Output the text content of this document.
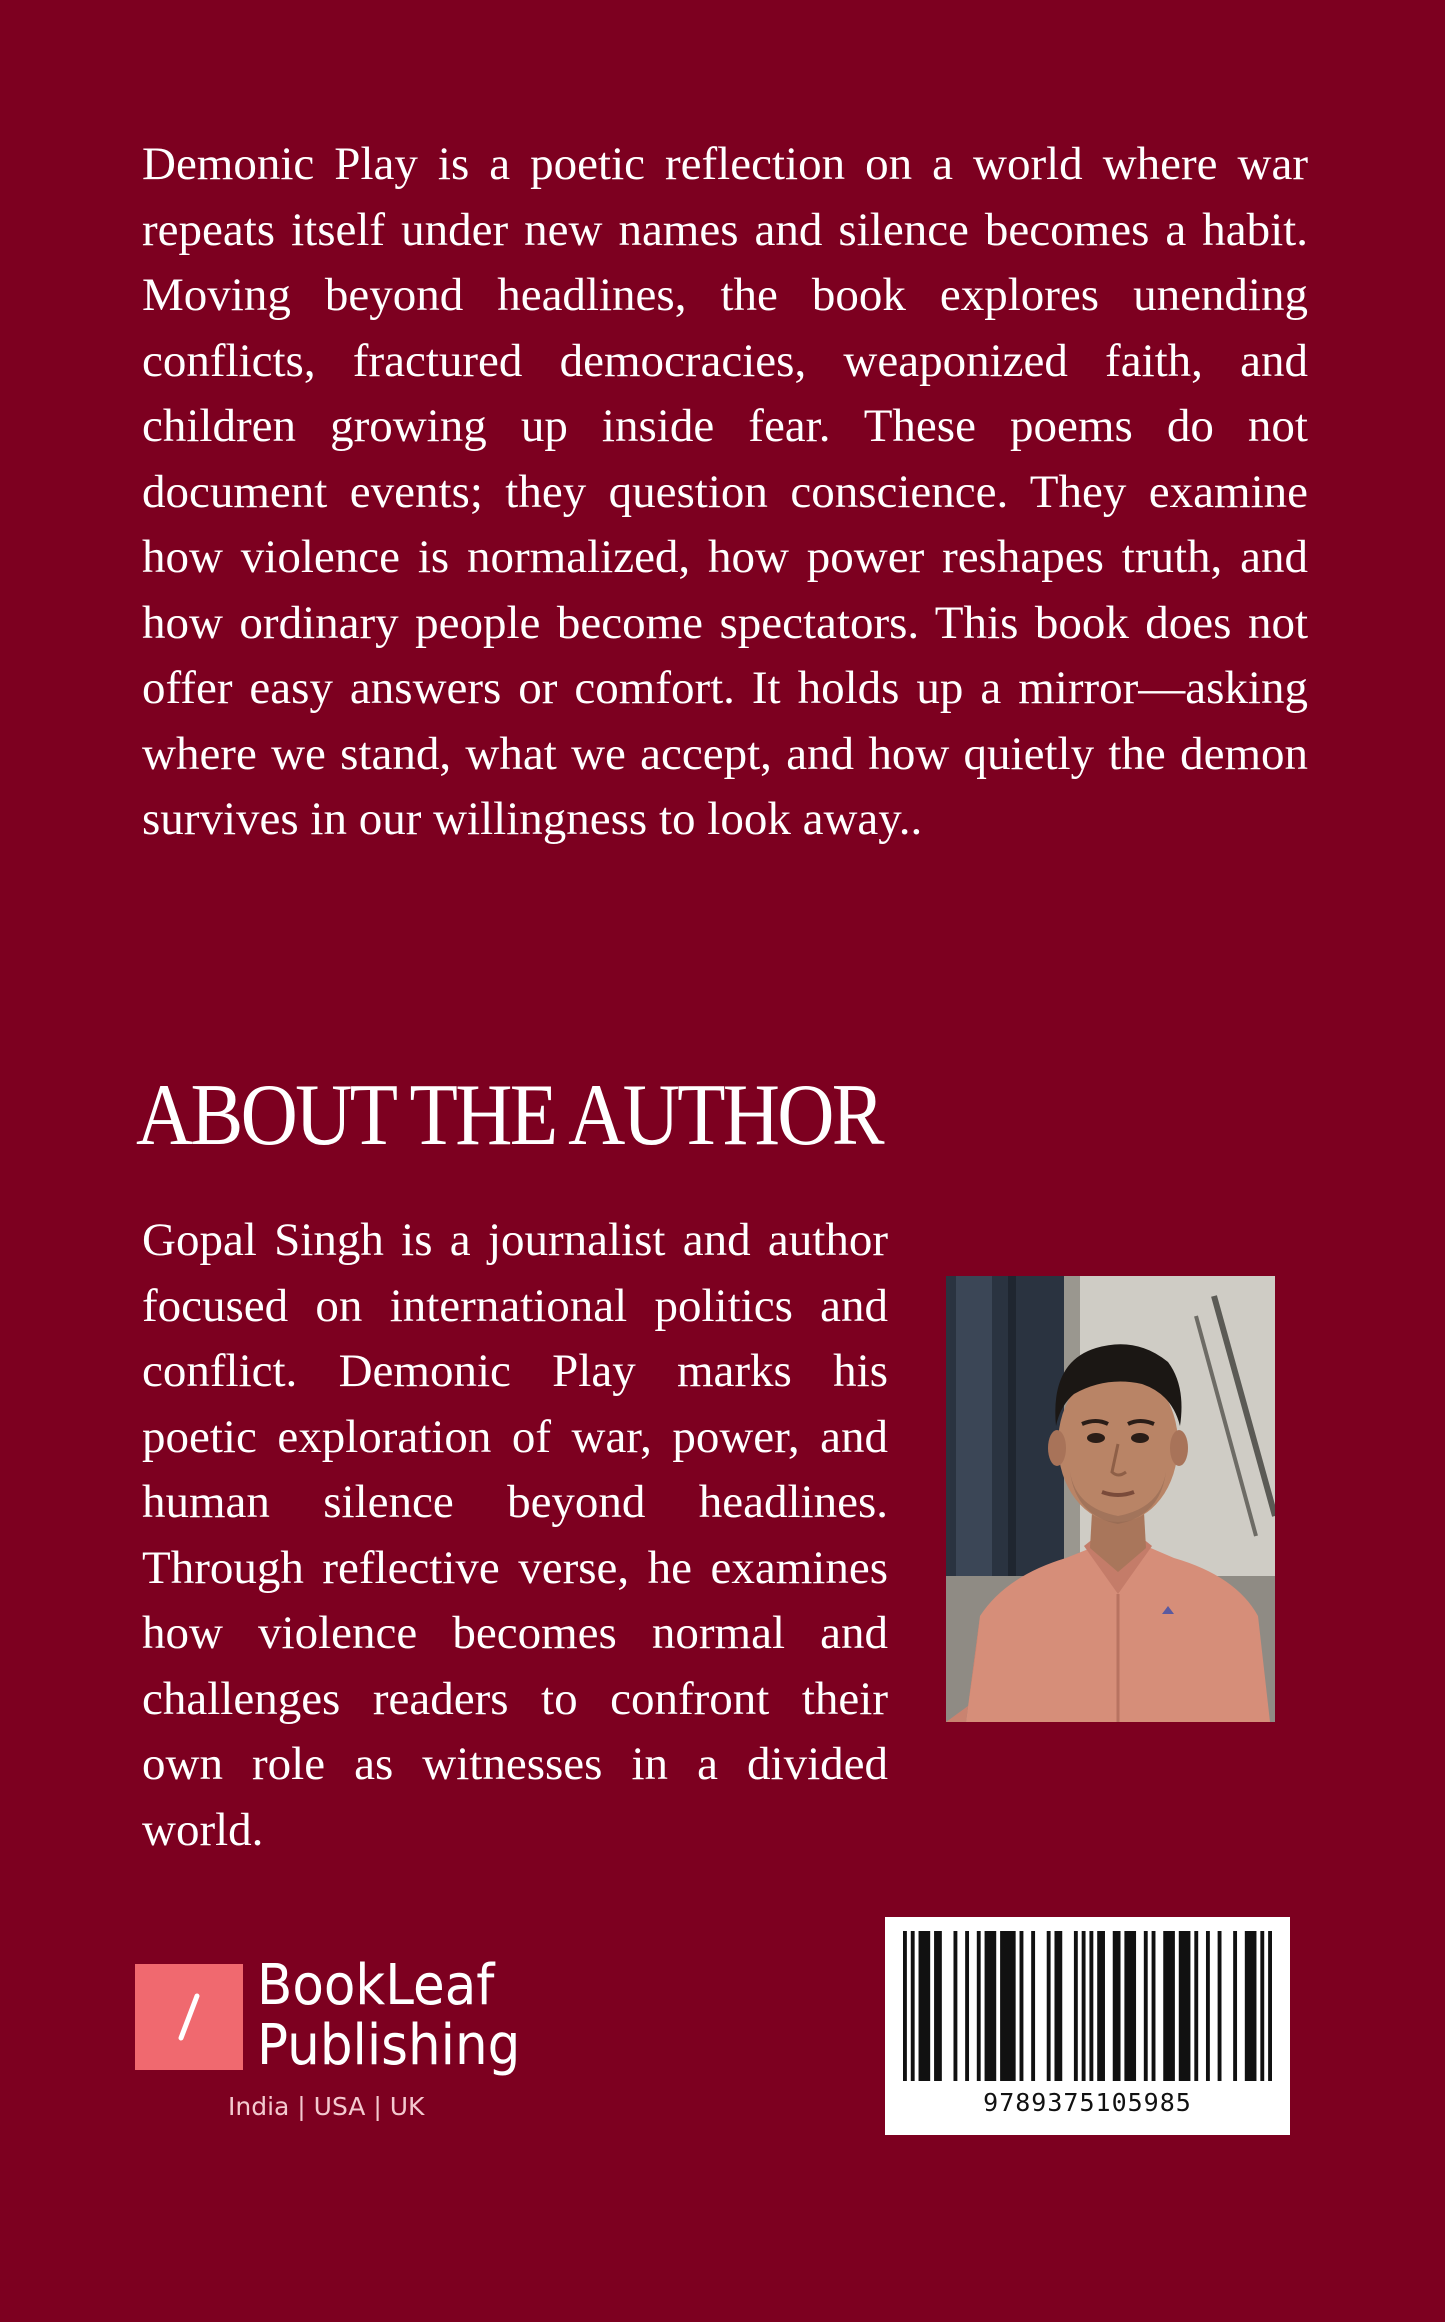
Demonic Play is a poetic reflection on a world where war repeats itself under new names and silence becomes a habit. Moving beyond headlines, the book explores unending conflicts, fractured democracies, weaponized faith, and children growing up inside fear. These poems do not document events; they question conscience. They examine how violence is normalized, how power reshapes truth, and how ordinary people become spectators. This book does not offer easy answers or comfort. It holds up a mirror—asking where we stand, what we accept, and how quietly the demon survives in our willingness to look away..

ABOUT THE AUTHOR

Gopal Singh is a journalist and author focused on international politics and conflict. Demonic Play marks his poetic exploration of war, power, and human silence beyond headlines. Through reflective verse, he examines how violence becomes normal and challenges readers to confront their own role as witnesses in a divided world.

BookLeaf
Publishing
India | USA | UK	9789375105985
